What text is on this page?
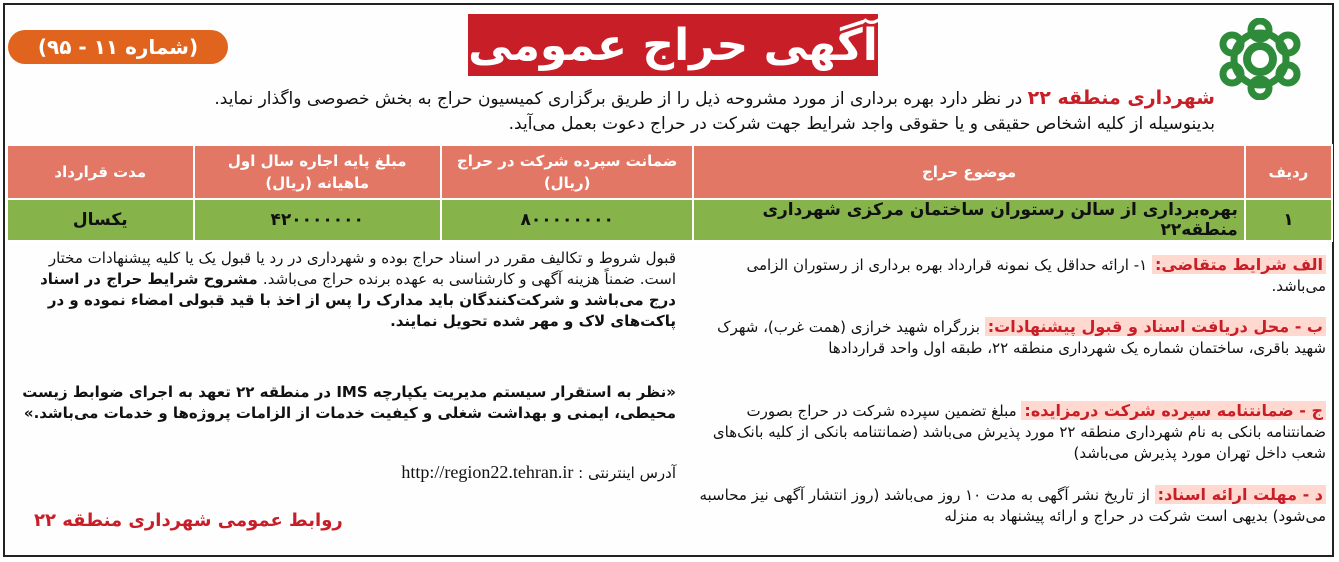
(شماره ۱۱ - ۹۵)	آگهی حراج عمومی
شهرداری منطقه ۲۲ در نظر دارد بهره برداری از مورد مشروحه ذیل را از طریق برگزاری کمیسیون حراج به بخش خصوصی واگذار نماید.
بدینوسیله از کلیه اشخاص حقیقی و یا حقوقی واجد شرایط جهت شرکت در حراج دعوت بعمل می‌آید.
ردیف	موضوع حراج	ضمانت سپرده شرکت در حراج (ریال)	مبلغ پایه اجاره سال اول ماهیانه (ریال)	مدت قرارداد
۱	بهره‌برداری از سالن رستوران ساختمان مرکزی شهرداری منطقه۲۲	۸۰۰۰۰۰۰۰۰	۴۲۰۰۰۰۰۰۰	یکسال
الف شرایط متقاضی: ۱- ارائه حداقل یک نمونه قرارداد بهره برداری از رستوران الزامی می‌باشد.
ب - محل دریافت اسناد و قبول پیشنهادات: بزرگراه شهید خرازی (همت غرب)، شهرک شهید باقری، ساختمان شماره یک شهرداری منطقه ۲۲، طبقه اول واحد قراردادها
ج - ضمانتنامه سپرده شرکت درمزایده: مبلغ تضمین سپرده شرکت در حراج بصورت ضمانتنامه بانکی به نام شهرداری منطقه ۲۲ مورد پذیرش می‌باشد (ضمانتنامه بانکی از کلیه بانک‌های شعب داخل تهران مورد پذیرش می‌باشد)
د - مهلت ارائه اسناد: از تاریخ نشر آگهی به مدت ۱۰ روز می‌باشد (روز انتشار آگهی نیز محاسبه می‌شود) بدیهی است شرکت در حراج و ارائه پیشنهاد به منزله
قبول شروط و تکالیف مقرر در اسناد حراج بوده و شهرداری در رد یا قبول یک یا کلیه پیشنهادات مختار است. ضمناً هزینه آگهی و کارشناسی به عهده برنده حراج می‌باشد. مشروح شرایط حراج در اسناد درج می‌باشد و شرکت‌کنندگان باید مدارک را پس از اخذ با قید قبولی امضاء نموده و در پاکت‌های لاک و مهر شده تحویل نمایند.
«نظر به استقرار سیستم مدیریت یکپارچه IMS در منطقه ۲۲ تعهد به اجرای ضوابط زیست محیطی، ایمنی و بهداشت شغلی و کیفیت خدمات از الزامات پروژه‌ها و خدمات می‌باشد.»
آدرس اینترنتی : http://region22.tehran.ir
روابط عمومی شهرداری منطقه ۲۲
